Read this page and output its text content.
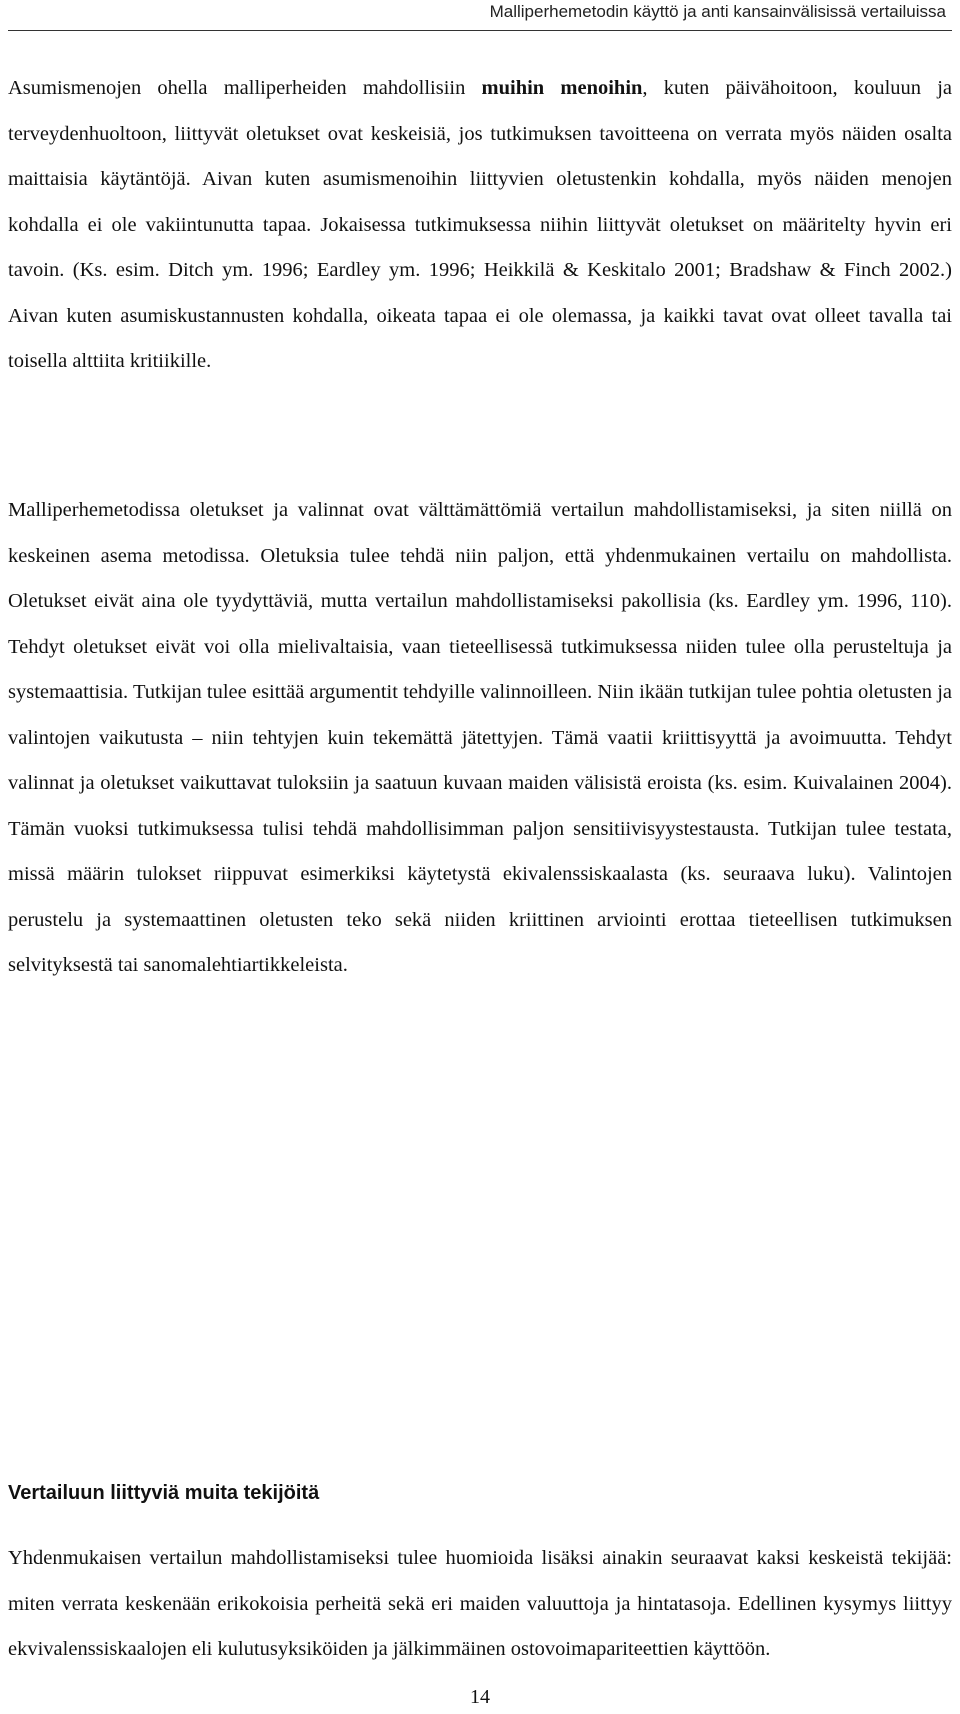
Malliperhemetodin käyttö ja anti kansainvälisissä vertailuissa

Asumismenojen ohella malliperheiden mahdollisiin muihin menoihin, kuten päivähoitoon, kouluun ja terveydenhuoltoon, liittyvät oletukset ovat keskeisiä, jos tutkimuksen tavoitteena on verrata myös näiden osalta maittaisia käytäntöjä. Aivan kuten asumismenoihin liittyvien oletustenkin kohdalla, myös näiden menojen kohdalla ei ole vakiintunutta tapaa. Jokaisessa tutkimuksessa niihin liittyvät oletukset on määritelty hyvin eri tavoin. (Ks. esim. Ditch ym. 1996; Eardley ym. 1996; Heikkilä & Keskitalo 2001; Bradshaw & Finch 2002.) Aivan kuten asumiskustannusten kohdalla, oikeata tapaa ei ole olemassa, ja kaikki tavat ovat olleet tavalla tai toisella alttiita kritiikille.

Malliperhemetodissa oletukset ja valinnat ovat välttämättömiä vertailun mahdollistamiseksi, ja siten niillä on keskeinen asema metodissa. Oletuksia tulee tehdä niin paljon, että yhdenmukainen vertailu on mahdollista. Oletukset eivät aina ole tyydyttäviä, mutta vertailun mahdollistamiseksi pakollisia (ks. Eardley ym. 1996, 110). Tehdyt oletukset eivät voi olla mielivaltaisia, vaan tieteellisessä tutkimuksessa niiden tulee olla perusteltuja ja systemaattisia. Tutkijan tulee esittää argumentit tehdyille valinnoilleen. Niin ikään tutkijan tulee pohtia oletusten ja valintojen vaikutusta – niin tehtyjen kuin tekemättä jätettyjen. Tämä vaatii kriittisyyttä ja avoimuutta. Tehdyt valinnat ja oletukset vaikuttavat tuloksiin ja saatuun kuvaan maiden välisistä eroista (ks. esim. Kuivalainen 2004). Tämän vuoksi tutkimuksessa tulisi tehdä mahdollisimman paljon sensitiivisyystestausta. Tutkijan tulee testata, missä määrin tulokset riippuvat esimerkiksi käytetystä ekivalenssiskaalasta (ks. seuraava luku). Valintojen perustelu ja systemaattinen oletusten teko sekä niiden kriittinen arviointi erottaa tieteellisen tutkimuksen selvityksestä tai sanomalehtiartikkeleista.

Vertailuun liittyviä muita tekijöitä

Yhdenmukaisen vertailun mahdollistamiseksi tulee huomioida lisäksi ainakin seuraavat kaksi keskeistä tekijää: miten verrata keskenään erikokoisia perheitä sekä eri maiden valuuttoja ja hintatasoja. Edellinen kysymys liittyy ekvivalenssiskaalojen eli kulutusyksiköiden ja jälkimmäinen ostovoimapariteettien käyttöön.

14
